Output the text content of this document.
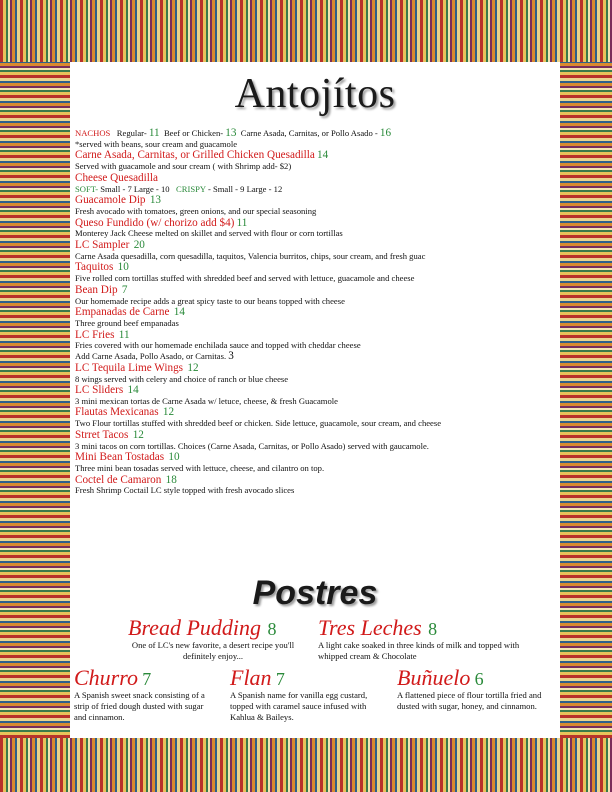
Antojítos
NACHOS Regular- 11 Beef or Chicken- 13 Carne Asada, Carnitas, or Pollo Asado - 16
*served with beans, sour cream and guacamole
Carne Asada, Carnitas, or Grilled Chicken Quesadilla 14
Served with guacamole and sour cream ( with Shrimp add- $2)
Cheese Quesadilla
SOFT- Small - 7 Large - 10 CRISPY - Small - 9 Large - 12
Guacamole Dip 13
Fresh avocado with tomatoes, green onions, and our special seasoning
Queso Fundido (w/ chorizo add $4) 11
Monterey Jack Cheese melted on skillet and served with flour or corn tortillas
LC Sampler 20
Carne Asada quesadilla, corn quesadilla, taquitos, Valencia burritos, chips, sour cream, and fresh guac
Taquitos 10
Five rolled corn tortillas stuffed with shredded beef and served with lettuce, guacamole and cheese
Bean Dip 7
Our homemade recipe adds a great spicy taste to our beans topped with cheese
Empanadas de Carne 14
Three ground beef empanadas
LC Fries 11
Fries covered with our homemade enchilada sauce and topped with cheddar cheese
Add Carne Asada, Pollo Asado, or Carnitas. 3
LC Tequila Lime Wings 12
8 wings served with celery and choice of ranch or blue cheese
LC Sliders 14
3 mini mexican tortas de Carne Asada w/ letuce, cheese, & fresh Guacamole
Flautas Mexicanas 12
Two Flour tortillas stuffed with shredded beef or chicken. Side lettuce, guacamole, sour cream, and cheese
Strret Tacos 12
3 mini tacos on corn tortillas. Choices (Carne Asada, Carnitas, or Pollo Asado) served with gaucamole.
Mini Bean Tostadas 10
Three mini bean tosadas served with lettuce, cheese, and cilantro on top.
Coctel de Camaron 18
Fresh Shrimp Coctail LC style topped with fresh avocado slices
Postres
Bread Pudding 8
One of LC's new favorite, a desert recipe you'll definitely enjoy...
Tres Leches 8
A light cake soaked in three kinds of milk and topped with whipped cream & Chocolate
Churro 7
A Spanish sweet snack consisting of a strip of fried dough dusted with sugar and cinnamon.
Flan 7
A Spanish name for vanilla egg custard, topped with caramel sauce infused with Kahlua & Baileys.
Buñuelo 6
A flattened piece of flour tortilla fried and dusted with sugar, honey, and cinnamon.
